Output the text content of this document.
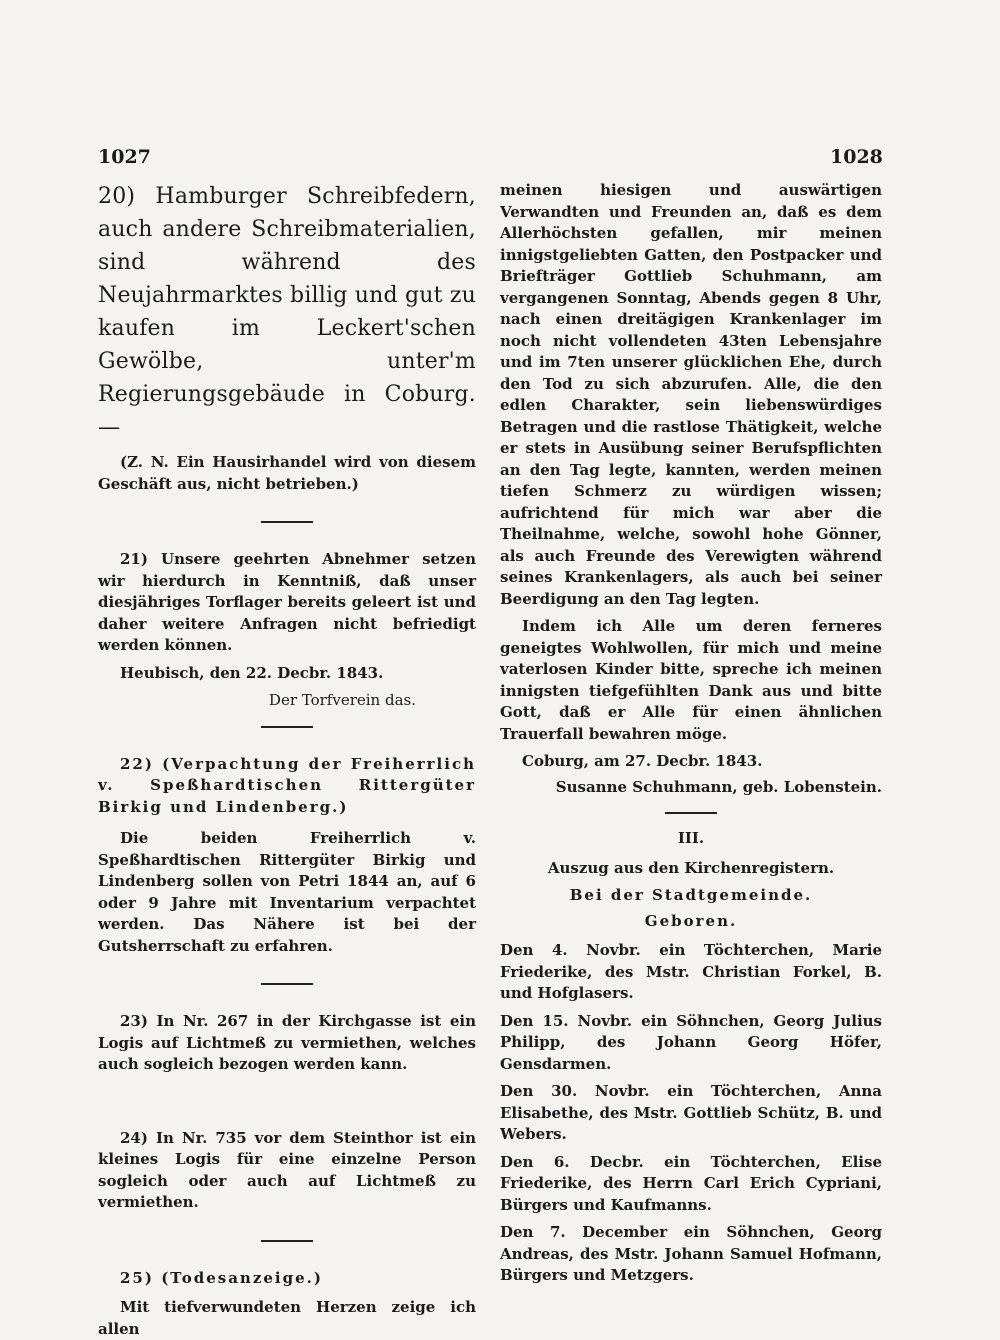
1027	1028

20) Hamburger Schreibfedern, auch andere Schreibmaterialien, sind während des Neujahrmarktes billig und gut zu kaufen im Leckert'schen Gewölbe, unter'm Regierungsgebäude in Coburg. —

(Z. N. Ein Hausirhandel wird von diesem Geschäft aus, nicht betrieben.)

21) Unsere geehrten Abnehmer setzen wir hierdurch in Kenntniß, daß unser diesjähriges Torflager bereits geleert ist und daher weitere Anfragen nicht befriedigt werden können.

Heubisch, den 22. Decbr. 1843.

Der Torfverein das.

22) (Verpachtung der Freiherrlich v. Speßhardtischen Rittergüter Birkig und Lindenberg.)

Die beiden Freiherrlich v. Speßhardtischen Rittergüter Birkig und Lindenberg sollen von Petri 1844 an, auf 6 oder 9 Jahre mit Inventarium verpachtet werden. Das Nähere ist bei der Gutsherrschaft zu erfahren.

23) In Nr. 267 in der Kirchgasse ist ein Logis auf Lichtmeß zu vermiethen, welches auch sogleich bezogen werden kann.

24) In Nr. 735 vor dem Steinthor ist ein kleines Logis für eine einzelne Person sogleich oder auch auf Lichtmeß zu vermiethen.

25) (Todesanzeige.)

Mit tiefverwundeten Herzen zeige ich allen

meinen hiesigen und auswärtigen Verwandten und Freunden an, daß es dem Allerhöchsten gefallen, mir meinen innigstgeliebten Gatten, den Postpacker und Briefträger Gottlieb Schuhmann, am vergangenen Sonntag, Abends gegen 8 Uhr, nach einen dreitägigen Krankenlager im noch nicht vollendeten 43ten Lebensjahre und im 7ten unserer glücklichen Ehe, durch den Tod zu sich abzurufen. Alle, die den edlen Charakter, sein liebenswürdiges Betragen und die rastlose Thätigkeit, welche er stets in Ausübung seiner Berufspflichten an den Tag legte, kannten, werden meinen tiefen Schmerz zu würdigen wissen; aufrichtend für mich war aber die Theilnahme, welche, sowohl hohe Gönner, als auch Freunde des Verewigten während seines Krankenlagers, als auch bei seiner Beerdigung an den Tag legten.

Indem ich Alle um deren ferneres geneigtes Wohlwollen, für mich und meine vaterlosen Kinder bitte, spreche ich meinen innigsten tiefgefühlten Dank aus und bitte Gott, daß er Alle für einen ähnlichen Trauerfall bewahren möge.

Coburg, am 27. Decbr. 1843.

Susanne Schuhmann, geb. Lobenstein.

III.

Auszug aus den Kirchenregistern.

Bei der Stadtgemeinde.

Geboren.

Den 4. Novbr. ein Töchterchen, Marie Friederike, des Mstr. Christian Forkel, B. und Hofglasers.

Den 15. Novbr. ein Söhnchen, Georg Julius Philipp, des Johann Georg Höfer, Gensdarmen.

Den 30. Novbr. ein Töchterchen, Anna Elisabethe, des Mstr. Gottlieb Schütz, B. und Webers.

Den 6. Decbr. ein Töchterchen, Elise Friederike, des Herrn Carl Erich Cypriani, Bürgers und Kaufmanns.

Den 7. December ein Söhnchen, Georg Andreas, des Mstr. Johann Samuel Hofmann, Bürgers und Metzgers.
